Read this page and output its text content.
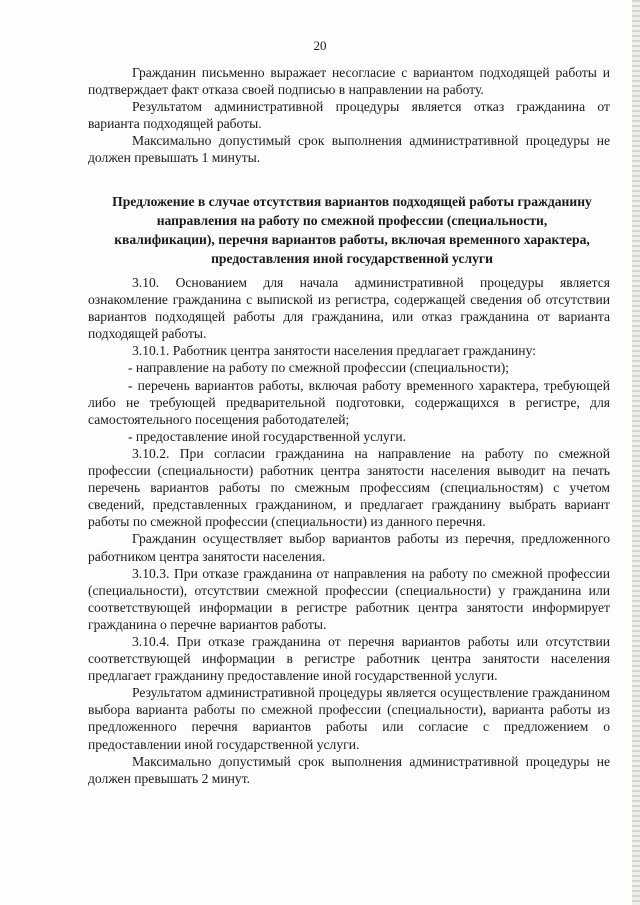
20

Гражданин письменно выражает несогласие с вариантом подходящей работы и подтверждает факт отказа своей подписью в направлении на работу.

Результатом административной процедуры является отказ гражданина от варианта подходящей работы.

Максимально допустимый срок выполнения административной процедуры не должен превышать 1 минуты.

Предложение в случае отсутствия вариантов подходящей работы гражданину направления на работу по смежной профессии (специальности, квалификации), перечня вариантов работы, включая временного характера, предоставления иной государственной услуги

3.10. Основанием для начала административной процедуры является ознакомление гражданина с выпиской из регистра, содержащей сведения об отсутствии вариантов подходящей работы для гражданина, или отказ гражданина от варианта подходящей работы.

3.10.1. Работник центра занятости населения предлагает гражданину:

- направление на работу по смежной профессии (специальности);

- перечень вариантов работы, включая работу временного характера, требующей либо не требующей предварительной подготовки, содержащихся в регистре, для самостоятельного посещения работодателей;

- предоставление иной государственной услуги.

3.10.2. При согласии гражданина на направление на работу по смежной профессии (специальности) работник центра занятости населения выводит на печать перечень вариантов работы по смежным профессиям (специальностям) с учетом сведений, представленных гражданином, и предлагает гражданину выбрать вариант работы по смежной профессии (специальности) из данного перечня.

Гражданин осуществляет выбор вариантов работы из перечня, предложенного работником центра занятости населения.

3.10.3. При отказе гражданина от направления на работу по смежной профессии (специальности), отсутствии смежной профессии (специальности) у гражданина или соответствующей информации в регистре работник центра занятости информирует гражданина о перечне вариантов работы.

3.10.4. При отказе гражданина от перечня вариантов работы или отсутствии соответствующей информации в регистре работник центра занятости населения предлагает гражданину предоставление иной государственной услуги.

Результатом административной процедуры является осуществление гражданином выбора варианта работы по смежной профессии (специальности), варианта работы из предложенного перечня вариантов работы или согласие с предложением о предоставлении иной государственной услуги.

Максимально допустимый срок выполнения административной процедуры не должен превышать 2 минут.
